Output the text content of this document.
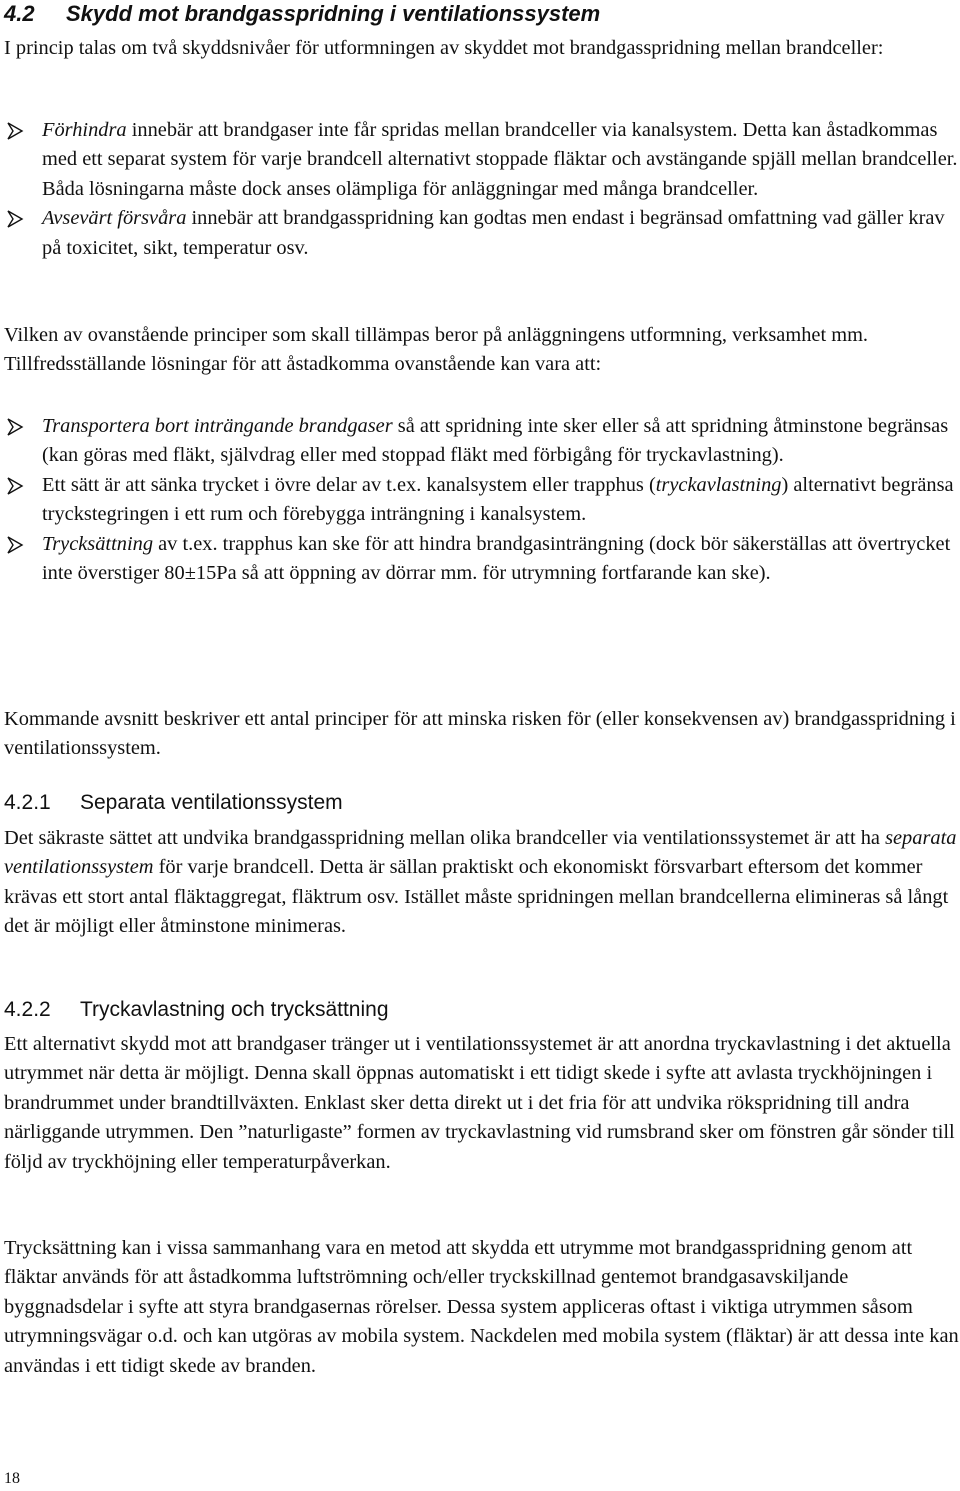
4.2 Skydd mot brandgasspridning i ventilationssystem

I princip talas om två skyddsnivåer för utformningen av skyddet mot brandgasspridning mellan brandceller:

Förhindra innebär att brandgaser inte får spridas mellan brandceller via kanalsystem. Detta kan åstadkommas med ett separat system för varje brandcell alternativt stoppade fläktar och avstängande spjäll mellan brandceller. Båda lösningarna måste dock anses olämpliga för anläggningar med många brandceller.
Avsevärt försvåra innebär att brandgasspridning kan godtas men endast i begränsad omfattning vad gäller krav på toxicitet, sikt, temperatur osv.

Vilken av ovanstående principer som skall tillämpas beror på anläggningens utformning, verksamhet mm. Tillfredsställande lösningar för att åstadkomma ovanstående kan vara att:

Transportera bort inträngande brandgaser så att spridning inte sker eller så att spridning åtminstone begränsas (kan göras med fläkt, självdrag eller med stoppad fläkt med förbigång för tryckavlastning).
Ett sätt är att sänka trycket i övre delar av t.ex. kanalsystem eller trapphus (tryckavlastning) alternativt begränsa tryckstegringen i ett rum och förebygga inträngning i kanalsystem.
Trycksättning av t.ex. trapphus kan ske för att hindra brandgasinträngning (dock bör säkerställas att övertrycket inte överstiger 80±15Pa så att öppning av dörrar mm. för utrymning fortfarande kan ske).

Kommande avsnitt beskriver ett antal principer för att minska risken för (eller konsekvensen av) brandgasspridning i ventilationssystem.

4.2.1 Separata ventilationssystem

Det säkraste sättet att undvika brandgasspridning mellan olika brandceller via ventilationssystemet är att ha separata ventilationssystem för varje brandcell. Detta är sällan praktiskt och ekonomiskt försvarbart eftersom det kommer krävas ett stort antal fläktaggregat, fläktrum osv. Istället måste spridningen mellan brandcellerna elimineras så långt det är möjligt eller åtminstone minimeras.

4.2.2 Tryckavlastning och trycksättning

Ett alternativt skydd mot att brandgaser tränger ut i ventilationssystemet är att anordna tryckavlastning i det aktuella utrymmet när detta är möjligt. Denna skall öppnas automatiskt i ett tidigt skede i syfte att avlasta tryckhöjningen i brandrummet under brandtillväxten. Enklast sker detta direkt ut i det fria för att undvika rökspridning till andra närliggande utrymmen. Den ”naturligaste” formen av tryckavlastning vid rumsbrand sker om fönstren går sönder till följd av tryckhöjning eller temperaturpåverkan.

Trycksättning kan i vissa sammanhang vara en metod att skydda ett utrymme mot brandgasspridning genom att fläktar används för att åstadkomma luftströmning och/eller tryckskillnad gentemot brandgasavskiljande byggnadsdelar i syfte att styra brandgasernas rörelser. Dessa system appliceras oftast i viktiga utrymmen såsom utrymningsvägar o.d. och kan utgöras av mobila system. Nackdelen med mobila system (fläktar) är att dessa inte kan användas i ett tidigt skede av branden.

18
